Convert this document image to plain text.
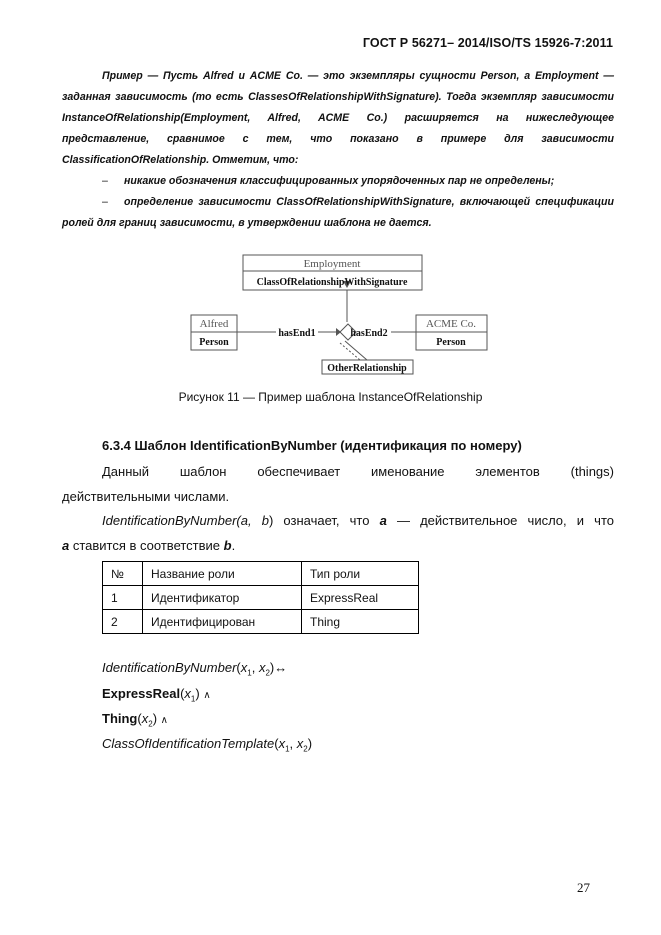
ГОСТ Р 56271– 2014/ISO/TS 15926-7:2011

Пример — Пусть Alfred и ACME Co. — это экземпляры сущности Person, а Employment — заданная зависимость (то есть ClassesOfRelationshipWithSignature). Тогда экземпляр зависимости InstanceOfRelationship(Employment, Alfred, ACME Co.) расширяется на нижеследующее представление, сравнимое с тем, что показано в примере для зависимости ClassificationOfRelationship. Отметим, что:

– никакие обозначения классифицированных упорядоченных пар не определены;

– определение зависимости ClassOfRelationshipWithSignature, включающей спецификации ролей для границ зависимости, в утверждении шаблона не дается.

Employment
ClassOfRelationshipWithSignature
Alfred
Person
ACME Co.
Person
hasEnd1	hasEnd2
OtherRelationship
Рисунок 11 — Пример шаблона InstanceOfRelationship
6.3.4 Шаблон IdentificationByNumber (идентификация по номеру)
Данный шаблон обеспечивает именование элементов (things)
действительными числами.
IdentificationByNumber(a, b) означает, что a — действительное число, и что
a ставится в соответствие b.
№	Название роли	Тип роли
1	Идентификатор	ExpressReal
2	Идентифицирован	Thing
$IdentificationByNumber(x_1$, $x_2)\leftrightarrow$
$ExpressReal(x_1)$ ∧
$Thing(x_2)$ ∧
$ClassOfIdentificationTemplate(x_1$, $x_2$)
27
